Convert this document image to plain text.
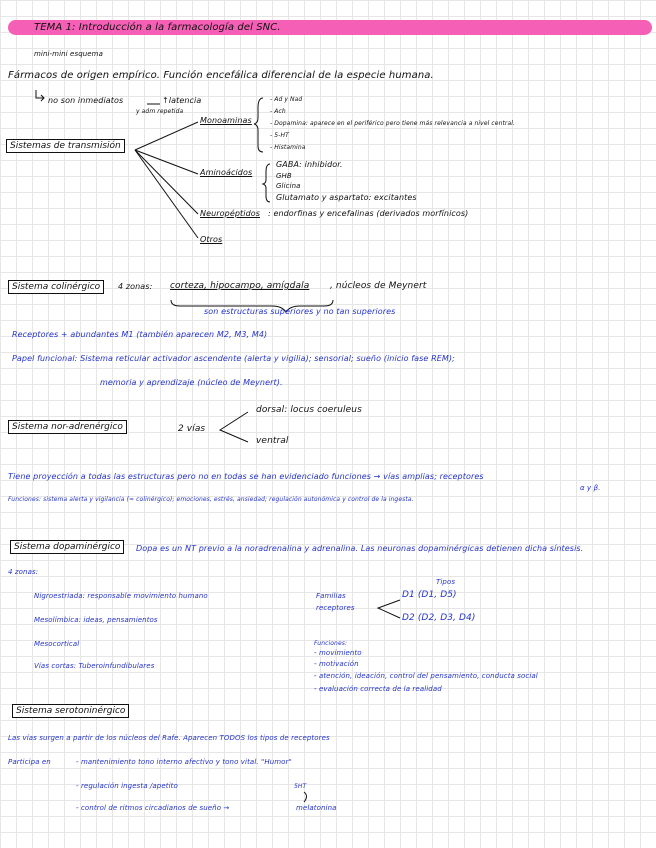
TEMA 1: Introducción a la farmacología del SNC.
mini-mini esquema
Fármacos de origen empírico. Función encefálica diferencial de la especie humana.
no son inmediatos	↑latencia
y adm repetida
Sistemas de transmisión
Monoaminas
- Ad y Nad
- Ach
- Dopamina: aparece en el periférico pero tiene más relevancia a nivel central.
- 5-HT
- Histamina
Aminoácidos
GABA: inhibidor.
GHB
Glicina
Glutamato y aspartato: excitantes
Neuropéptidos : endorfinas y encefalinas (derivados morfínicos)
Otros
Sistema colinérgico	4 zonas: corteza, hipocampo, amígdala , núcleos de Meynert
son estructuras superiores y no tan superiores
Receptores + abundantes M1 (también aparecen M2, M3, M4)
Papel funcional: Sistema reticular activador ascendente (alerta y vigilia); sensorial; sueño (inicio fase REM);
memoria y aprendizaje (núcleo de Meynert).
Sistema nor-adrenérgico	2 vías
dorsal: locus coeruleus
ventral
Tiene proyección a todas las estructuras pero no en todas se han evidenciado funciones → vías amplias; receptores
α y β.
Funciones: sistema alerta y vigilancia (≈ colinérgico); emociones, estrés, ansiedad; regulación autonómica y control de la ingesta.
Sistema dopaminérgico	Dopa es un NT previo a la noradrenalina y adrenalina. Las neuronas dopaminérgicas detienen dicha síntesis.
4 zonas:
Nigroestriada: responsable movimiento humano
Mesolímbica: ideas, pensamientos
Mesocortical
Vías cortas: Tuberoinfundibulares
Tipos
Familias
receptores
D1 (D1, D5)
D2 (D2, D3, D4)
Funciones:
- movimiento
- motivación
- atención, ideación, control del pensamiento, conducta social
- evaluación correcta de la realidad
Sistema serotoninérgico
Las vías surgen a partir de los núcleos del Rafe. Aparecen TODOS los tipos de receptores
Participa en	- mantenimiento tono interno afectivo y tono vital. "Humor"
- regulación ingesta /apetito
- control de ritmos circadianos de sueño →
5HT
melatonina
